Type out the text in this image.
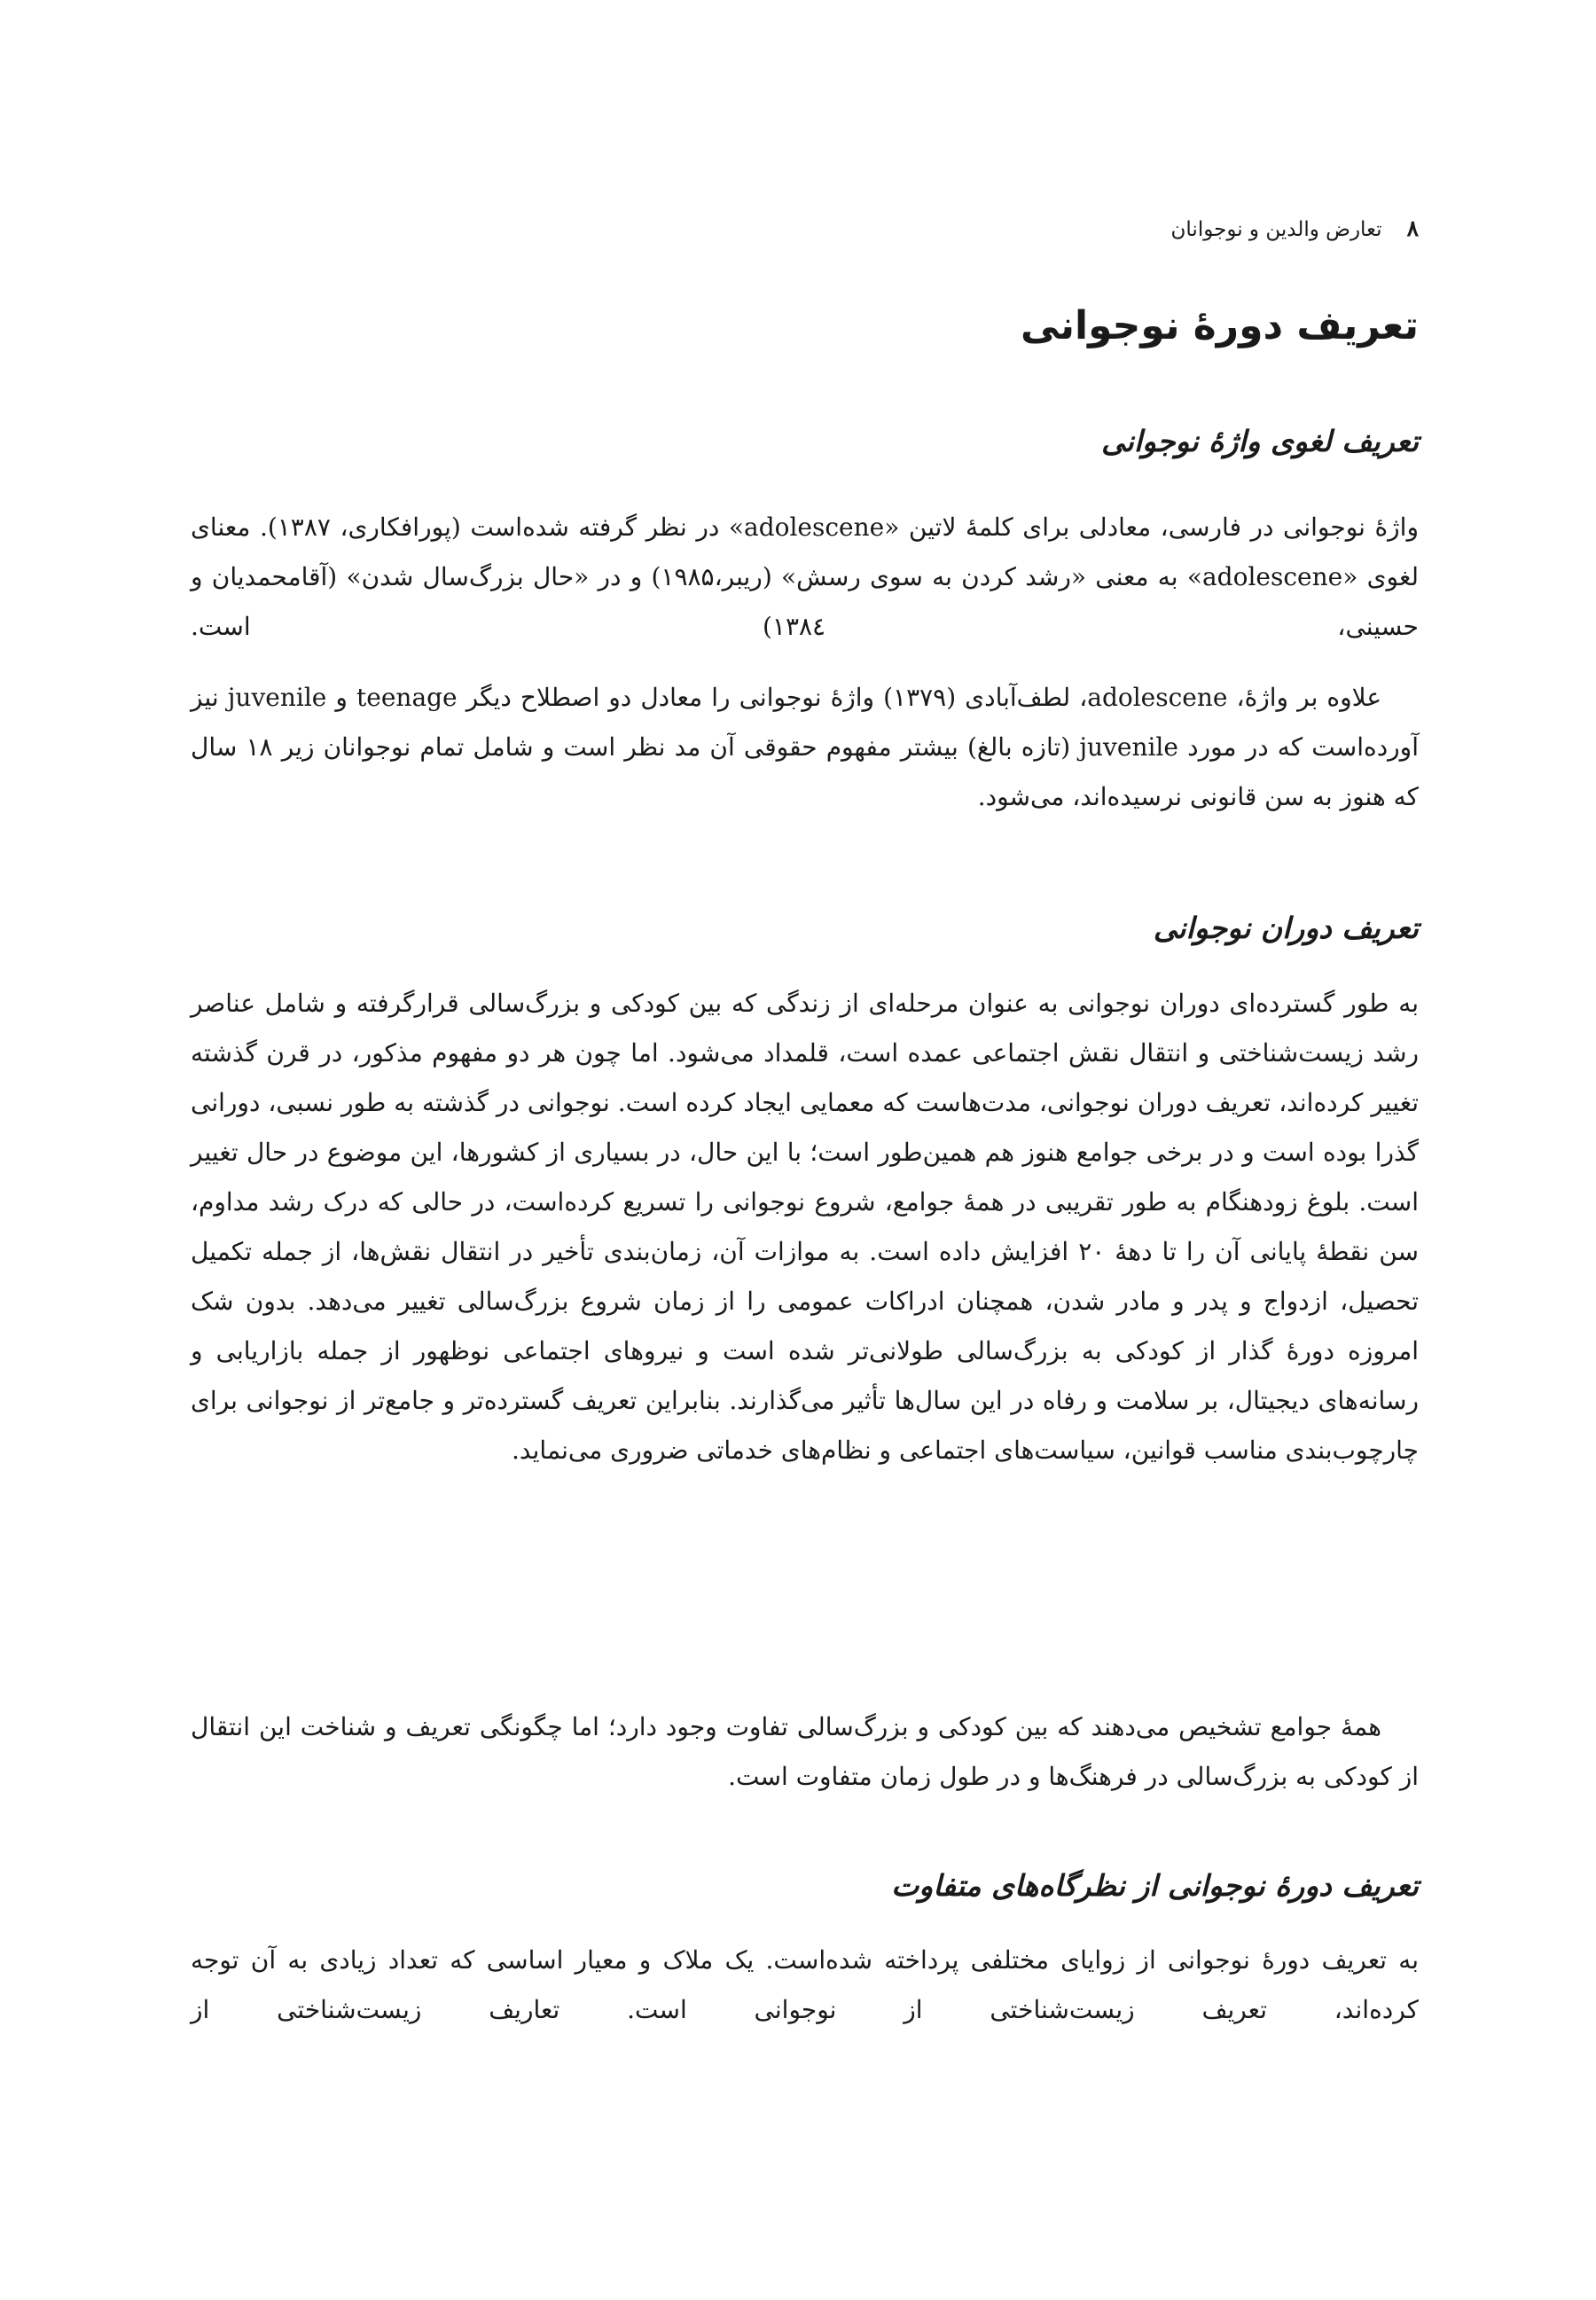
۸
تعارض والدین و نوجوانان
تعریف دورهٔ نوجوانی
تعریف لغوی واژهٔ نوجوانی

واژهٔ نوجوانی در فارسی، معادلی برای کلمهٔ لاتین «adolescene» در نظر گرفته شده‌است (پورافکاری، ۱۳۸۷). معنای لغوی «adolescene» به معنی «رشد کردن به سوی رسش» (ریبر،۱۹۸۵) و در «حال بزرگ‌سال شدن» (آقامحمدیان و حسینی، ۱۳۸٤) است.

علاوه بر واژهٔ، adolescene، لطف‌آبادی (۱۳۷۹) واژهٔ نوجوانی را معادل دو اصطلاح دیگر teenage و juvenile نیز آورده‌است که در مورد juvenile (تازه بالغ) بیشتر مفهوم حقوقی آن مد نظر است و شامل تمام نوجوانان زیر ۱۸ سال که هنوز به سن قانونی نرسیده‌اند، می‌شود.

تعریف دوران نوجوانی

به طور گسترده‌ای دوران نوجوانی به عنوان مرحله‌ای از زندگی که بین کودکی و بزرگ‌سالی قرارگرفته و شامل عناصر رشد زیست‌شناختی و انتقال نقش اجتماعی عمده است، قلمداد می‌شود. اما چون هر دو مفهوم مذکور، در قرن گذشته تغییر کرده‌اند، تعریف دوران نوجوانی، مدت‌هاست که معمایی ایجاد کرده است. نوجوانی در گذشته به طور نسبی، دورانی گذرا بوده است و در برخی جوامع هنوز هم همین‌طور است؛ با این حال، در بسیاری از کشورها، این موضوع در حال تغییر است. بلوغ زودهنگام به طور تقریبی در همهٔ جوامع، شروع نوجوانی را تسریع کرده‌است، در حالی که درک رشد مداوم، سن نقطهٔ پایانی آن را تا دههٔ ۲۰ افزایش داده است. به موازات آن، زمان‌بندی تأخیر در انتقال نقش‌ها، از جمله تکمیل تحصیل، ازدواج و پدر و مادر شدن، همچنان ادراکات عمومی را از زمان شروع بزرگ‌سالی تغییر می‌دهد. بدون شک امروزه دورهٔ گذار از کودکی به بزرگ‌سالی طولانی‌تر شده است و نیروهای اجتماعی نوظهور از جمله بازاریابی و رسانه‌های دیجیتال، بر سلامت و رفاه در این سال‌ها تأثیر می‌گذارند. بنابراین تعریف گسترده‌تر و جامع‌تر از نوجوانی برای چارچوب‌بندی مناسب قوانین، سیاست‌های اجتماعی و نظام‌های خدماتی ضروری می‌نماید.

همهٔ جوامع تشخیص می‌دهند که بین کودکی و بزرگ‌سالی تفاوت وجود دارد؛ اما چگونگی تعریف و شناخت این انتقال از کودکی به بزرگ‌سالی در فرهنگ‌ها و در طول زمان متفاوت است.

تعریف دورهٔ نوجوانی از نظرگاه‌های متفاوت

به تعریف دورهٔ نوجوانی از زوایای مختلفی پرداخته شده‌است. یک ملاک و معیار اساسی که تعداد زیادی به آن توجه کرده‌اند، تعریف زیست‌شناختی از نوجوانی است. تعاریف زیست‌شناختی از
